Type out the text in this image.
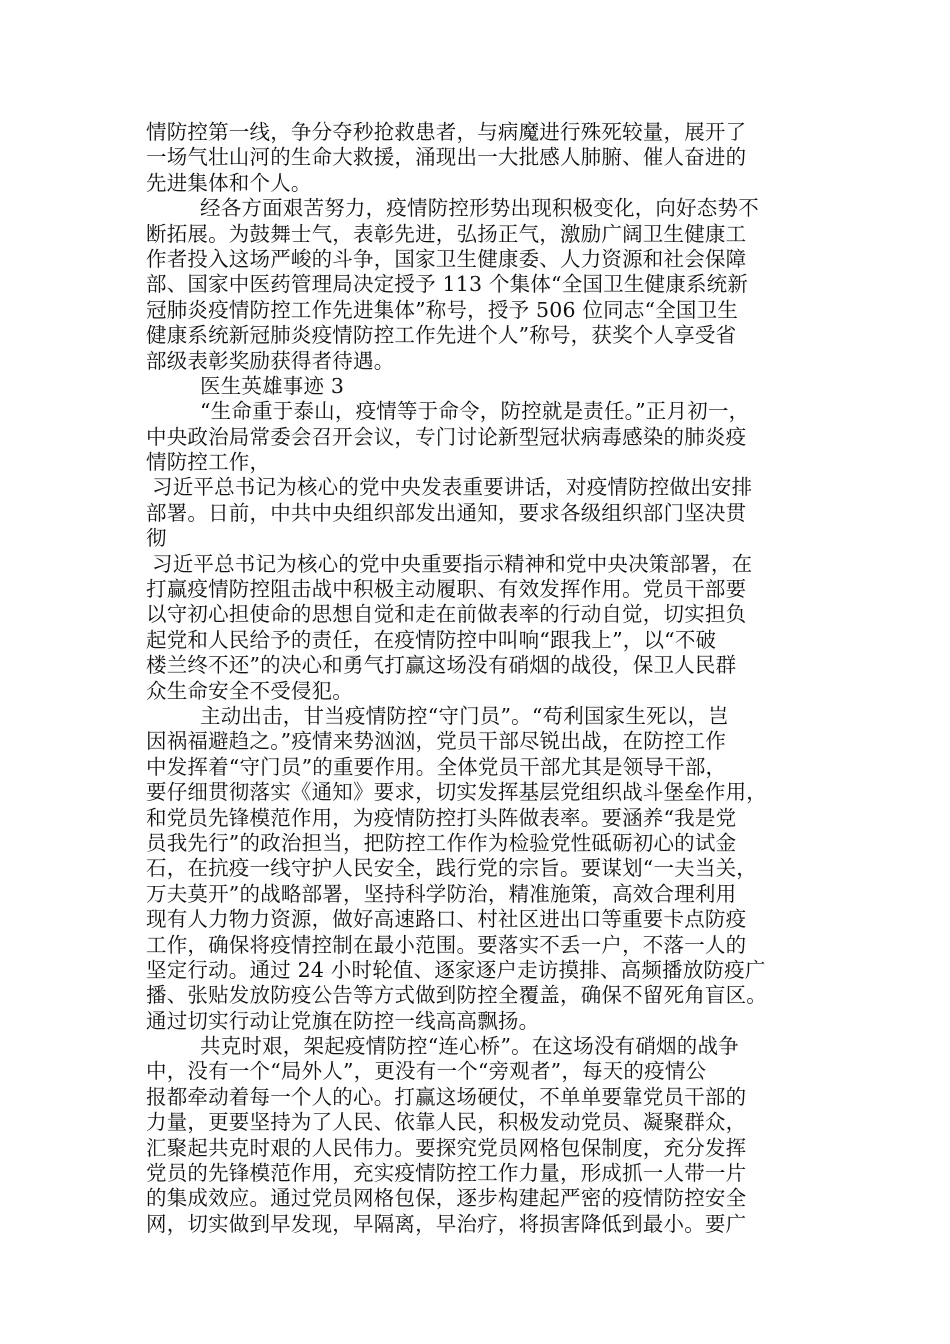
情防控第一线，争分夺秒抢救患者，与病魔进行殊死较量，展开了
一场气壮山河的生命大救援，涌现出一大批感人肺腑、催人奋进的
先进集体和个人。
经各方面艰苦努力，疫情防控形势出现积极变化，向好态势不
断拓展。为鼓舞士气，表彰先进，弘扬正气，激励广阔卫生健康工
作者投入这场严峻的斗争，国家卫生健康委、人力资源和社会保障
部、国家中医药管理局决定授予 113 个集体“全国卫生健康系统新
冠肺炎疫情防控工作先进集体”称号，授予 506 位同志“全国卫生
健康系统新冠肺炎疫情防控工作先进个人”称号，获奖个人享受省
部级表彰奖励获得者待遇。
医生英雄事迹 3
“生命重于泰山，疫情等于命令，防控就是责任。”正月初一，
中央政治局常委会召开会议，专门讨论新型冠状病毒感染的肺炎疫
情防控工作，
习近平总书记为核心的党中央发表重要讲话，对疫情防控做出安排
部署。日前，中共中央组织部发出通知，要求各级组织部门坚决贯
彻
习近平总书记为核心的党中央重要指示精神和党中央决策部署，在
打赢疫情防控阻击战中积极主动履职、有效发挥作用。党员干部要
以守初心担使命的思想自觉和走在前做表率的行动自觉，切实担负
起党和人民给予的责任，在疫情防控中叫响“跟我上”，以“不破
楼兰终不还”的决心和勇气打赢这场没有硝烟的战役，保卫人民群
众生命安全不受侵犯。
主动出击，甘当疫情防控“守门员”。“苟利国家生死以，岂
因祸福避趋之。”疫情来势汹汹，党员干部尽锐出战，在防控工作
中发挥着“守门员”的重要作用。全体党员干部尤其是领导干部，
要仔细贯彻落实《通知》要求，切实发挥基层党组织战斗堡垒作用，
和党员先锋模范作用，为疫情防控打头阵做表率。要涵养“我是党
员我先行”的政治担当，把防控工作作为检验党性砥砺初心的试金
石，在抗疫一线守护人民安全，践行党的宗旨。要谋划“一夫当关，
万夫莫开”的战略部署，坚持科学防治，精准施策，高效合理利用
现有人力物力资源，做好高速路口、村社区进出口等重要卡点防疫
工作，确保将疫情控制在最小范围。要落实不丢一户，不落一人的
坚定行动。通过 24 小时轮值、逐家逐户走访摸排、高频播放防疫广
播、张贴发放防疫公告等方式做到防控全覆盖，确保不留死角盲区。
通过切实行动让党旗在防控一线高高飘扬。
共克时艰，架起疫情防控“连心桥”。在这场没有硝烟的战争
中，没有一个“局外人”，更没有一个“旁观者”，每天的疫情公
报都牵动着每一个人的心。打赢这场硬仗，不单单要靠党员干部的
力量，更要坚持为了人民、依靠人民，积极发动党员、凝聚群众，
汇聚起共克时艰的人民伟力。要探究党员网格包保制度，充分发挥
党员的先锋模范作用，充实疫情防控工作力量，形成抓一人带一片
的集成效应。通过党员网格包保，逐步构建起严密的疫情防控安全
网，切实做到早发现，早隔离，早治疗，将损害降低到最小。要广
